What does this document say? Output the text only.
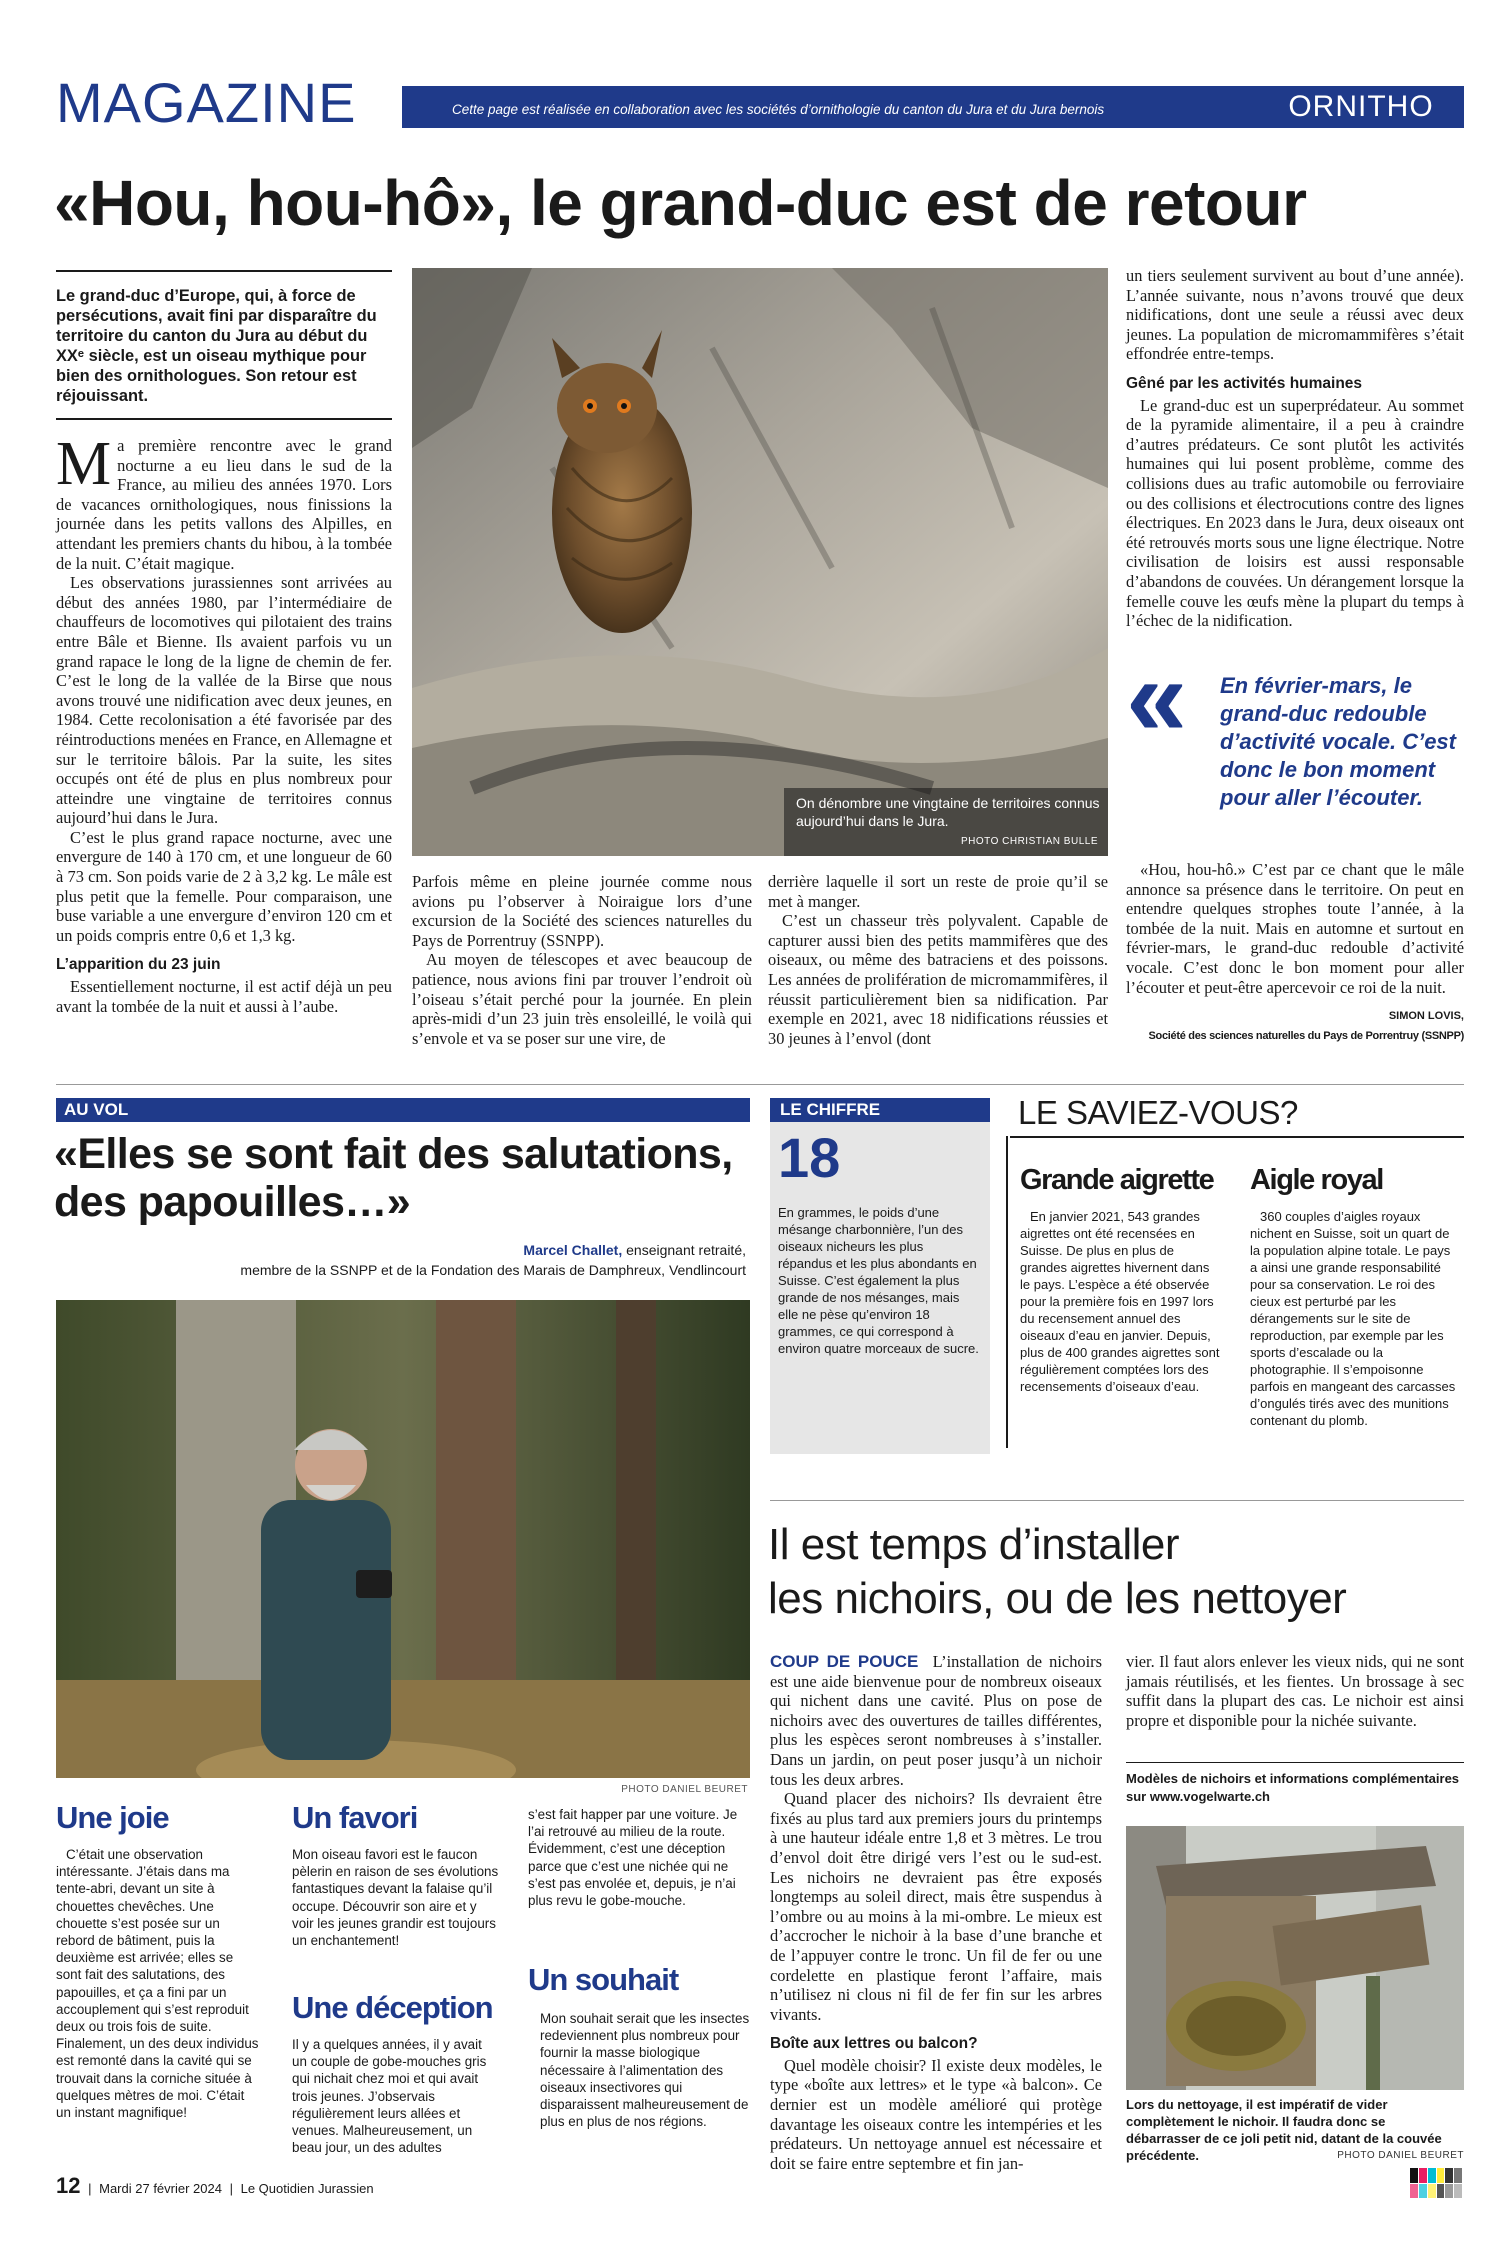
MAGAZINE	Cette page est réalisée en collaboration avec les sociétés d’ornithologie du canton du Jura et du Jura bernois	ORNITHO
«Hou, hou-hô», le grand-duc est de retour
Le grand-duc d’Europe, qui, à force de persécutions, avait fini par disparaître du territoire du canton du Jura au début du XXᵉ siècle, est un oiseau mythique pour bien des ornithologues. Son retour est réjouissant.
M a première rencontre avec le grand nocturne a eu lieu dans le sud de la France, au milieu des années 1970. Lors de vacances ornithologiques, nous finissions la journée dans les petits vallons des Alpilles, en attendant les premiers chants du hibou, à la tombée de la nuit. C’était magique.

Les observations jurassiennes sont arrivées au début des années 1980, par l’intermédiaire de chauffeurs de locomotives qui pilotaient des trains entre Bâle et Bienne. Ils avaient parfois vu un grand rapace le long de la ligne de chemin de fer. C’est le long de la vallée de la Birse que nous avons trouvé une nidification avec deux jeunes, en 1984. Cette recolonisation a été favorisée par des réintroductions menées en France, en Allemagne et sur le territoire bâlois. Par la suite, les sites occupés ont été de plus en plus nombreux pour atteindre une vingtaine de territoires connus aujourd’hui dans le Jura.

C’est le plus grand rapace nocturne, avec une envergure de 140 à 170 cm, et une longueur de 60 à 73 cm. Son poids varie de 2 à 3,2 kg. Le mâle est plus petit que la femelle. Pour comparaison, une buse variable a une envergure d’environ 120 cm et un poids compris entre 0,6 et 1,3 kg.

L’apparition du 23 juin

Essentiellement nocturne, il est actif déjà un peu avant la tombée de la nuit et aussi à l’aube.

On dénombre une vingtaine de territoires connus aujourd’hui dans le Jura.
PHOTO CHRISTIAN BULLE

Parfois même en pleine journée comme nous avions pu l’observer à Noiraigue lors d’une excursion de la Société des sciences naturelles du Pays de Porrentruy (SSNPP).

Au moyen de télescopes et avec beaucoup de patience, nous avions fini par trouver l’endroit où l’oiseau s’était perché pour la journée. En plein après-midi d’un 23 juin très ensoleillé, le voilà qui s’envole et va se poser sur une vire, de

derrière laquelle il sort un reste de proie qu’il se met à manger.

C’est un chasseur très polyvalent. Capable de capturer aussi bien des petits mammifères que des oiseaux, ou même des batraciens et des poissons. Les années de prolifération de micromammifères, il réussit particulièrement bien sa nidification. Par exemple en 2021, avec 18 nidifications réussies et 30 jeunes à l’envol (dont

un tiers seulement survivent au bout d’une année). L’année suivante, nous n’avons trouvé que deux nidifications, dont une seule a réussi avec deux jeunes. La population de micromammifères s’était effondrée entre-temps.

Gêné par les activités humaines

Le grand-duc est un superprédateur. Au sommet de la pyramide alimentaire, il a peu à craindre d’autres prédateurs. Ce sont plutôt les activités humaines qui lui posent problème, comme des collisions dues au trafic automobile ou ferroviaire ou des collisions et électrocutions contre des lignes électriques. En 2023 dans le Jura, deux oiseaux ont été retrouvés morts sous une ligne électrique. Notre civilisation de loisirs est aussi responsable d’abandons de couvées. Un dérangement lorsque la femelle couve les œufs mène la plupart du temps à l’échec de la nidification.

« En février-mars, le grand-duc redouble d’activité vocale. C’est donc le bon moment pour aller l’écouter.

«Hou, hou-hô.» C’est par ce chant que le mâle annonce sa présence dans le territoire. On peut en entendre quelques strophes toute l’année, à la tombée de la nuit. Mais en automne et surtout en février-mars, le grand-duc redouble d’activité vocale. C’est donc le bon moment pour aller l’écouter et peut-être apercevoir ce roi de la nuit.

SIMON LOVIS,
Société des sciences naturelles du Pays de Porrentruy (SSNPP)
AU VOL
«Elles se sont fait des salutations, des papouilles…»
Marcel Challet, enseignant retraité,
membre de la SSNPP et de la Fondation des Marais de Damphreux, Vendlincourt
PHOTO DANIEL BEURET
Une joie

C’était une observation intéressante. J’étais dans ma tente-abri, devant un site à chouettes chevêches. Une chouette s’est posée sur un rebord de bâtiment, puis la deuxième est arrivée; elles se sont fait des salutations, des papouilles, et ça a fini par un accouplement qui s’est reproduit deux ou trois fois de suite. Finalement, un des deux individus est remonté dans la cavité qui se trouvait dans la corniche située à quelques mètres de moi. C’était un instant magnifique!

Un favori

Mon oiseau favori est le faucon pèlerin en raison de ses évolutions fantastiques devant la falaise qu’il occupe. Découvrir son aire et y voir les jeunes grandir est toujours un enchantement!

Une déception

Il y a quelques années, il y avait un couple de gobe-mouches gris qui nichait chez moi et qui avait trois jeunes. J’observais régulièrement leurs allées et venues. Malheureusement, un beau jour, un des adultes

s’est fait happer par une voiture. Je l’ai retrouvé au milieu de la route. Évidemment, c’est une déception parce que c’est une nichée qui ne s’est pas envolée et, depuis, je n’ai plus revu le gobe-mouche.

Un souhait

Mon souhait serait que les insectes redeviennent plus nombreux pour fournir la masse biologique nécessaire à l’alimentation des oiseaux insectivores qui disparaissent malheureusement de plus en plus de nos régions.

LE CHIFFRE
18

En grammes, le poids d’une mésange charbonnière, l’un des oiseaux nicheurs les plus répandus et les plus abondants en Suisse. C’est également la plus grande de nos mésanges, mais elle ne pèse qu’environ 18 grammes, ce qui correspond à environ quatre morceaux de sucre.

LE SAVIEZ-VOUS?
Grande aigrette

En janvier 2021, 543 grandes aigrettes ont été recensées en Suisse. De plus en plus de grandes aigrettes hivernent dans le pays. L’espèce a été observée pour la première fois en 1997 lors du recensement annuel des oiseaux d’eau en janvier. Depuis, plus de 400 grandes aigrettes sont régulièrement comptées lors des recensements d’oiseaux d’eau.

Aigle royal

360 couples d’aigles royaux nichent en Suisse, soit un quart de la population alpine totale. Le pays a ainsi une grande responsabilité pour sa conservation. Le roi des cieux est perturbé par les dérangements sur le site de reproduction, par exemple par les sports d’escalade ou la photographie. Il s’empoisonne parfois en mangeant des carcasses d’ongulés tirés avec des munitions contenant du plomb.

Il est temps d’installer
les nichoirs, ou de les nettoyer

COUP DE POUCE L’installation de nichoirs est une aide bienvenue pour de nombreux oiseaux qui nichent dans une cavité. Plus on pose de nichoirs avec des ouvertures de tailles différentes, plus les espèces seront nombreuses à s’installer. Dans un jardin, on peut poser jusqu’à un nichoir tous les deux arbres.

Quand placer des nichoirs? Ils devraient être fixés au plus tard aux premiers jours du printemps à une hauteur idéale entre 1,8 et 3 mètres. Le trou d’envol doit être dirigé vers l’est ou le sud-est. Les nichoirs ne devraient pas être exposés longtemps au soleil direct, mais être suspendus à l’ombre ou au moins à la mi-ombre. Le mieux est d’accrocher le nichoir à la base d’une branche et de l’appuyer contre le tronc. Un fil de fer ou une cordelette en plastique feront l’affaire, mais n’utilisez ni clous ni fil de fer fin sur les arbres vivants.

Boîte aux lettres ou balcon?

Quel modèle choisir? Il existe deux modèles, le type «boîte aux lettres» et le type «à balcon». Ce dernier est un modèle amélioré qui protège davantage les oiseaux contre les intempéries et les prédateurs. Un nettoyage annuel est nécessaire et doit se faire entre septembre et fin jan-

vier. Il faut alors enlever les vieux nids, qui ne sont jamais réutilisés, et les fientes. Un brossage à sec suffit dans la plupart des cas. Le nichoir est ainsi propre et disponible pour la nichée suivante.

Modèles de nichoirs et informations complémentaires sur www.vogelwarte.ch
Lors du nettoyage, il est impératif de vider complètement le nichoir. Il faudra donc se débarrasser de ce joli petit nid, datant de la couvée précédente.	PHOTO DANIEL BEURET
12 | Mardi 27 février 2024 | Le Quotidien Jurassien
